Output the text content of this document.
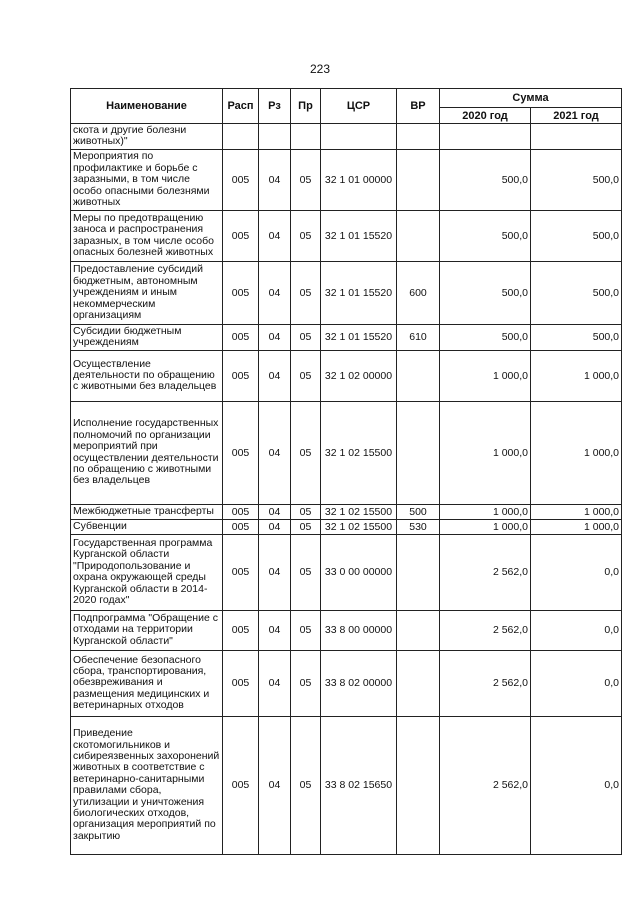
223
Наименование	Расп	Рз	Пр	ЦСР	ВР	Сумма	
						2020 год	2021 год
скота и другие болезни животных)"							
Мероприятия по профилактике и борьбе с заразными, в том числе особо опасными болезнями животных	005	04	05	32 1 01 00000		500,0	500,0
Меры по предотвращению заноса и распространения заразных, в том числе особо опасных болезней животных	005	04	05	32 1 01 15520		500,0	500,0
Предоставление субсидий бюджетным, автономным учреждениям и иным некоммерческим организациям	005	04	05	32 1 01 15520	600	500,0	500,0
Субсидии бюджетным учреждениям	005	04	05	32 1 01 15520	610	500,0	500,0
Осуществление деятельности по обращению с животными без владельцев	005	04	05	32 1 02 00000		1 000,0	1 000,0
Исполнение государственных полномочий по организации мероприятий при осуществлении деятельности по обращению с животными без владельцев	005	04	05	32 1 02 15500		1 000,0	1 000,0
Межбюджетные трансферты	005	04	05	32 1 02 15500	500	1 000,0	1 000,0
Субвенции	005	04	05	32 1 02 15500	530	1 000,0	1 000,0
Государственная программа Курганской области "Природопользование и охрана окружающей среды Курганской области в 2014-2020 годах"	005	04	05	33 0 00 00000		2 562,0	0,0
Подпрограмма "Обращение с отходами на территории Курганской области"	005	04	05	33 8 00 00000		2 562,0	0,0
Обеспечение безопасного сбора, транспортирования, обезвреживания и размещения медицинских и ветеринарных отходов	005	04	05	33 8 02 00000		2 562,0	0,0
Приведение скотомогильников и сибиреязвенных захоронений животных в соответствие с ветеринарно-санитарными правилами сбора, утилизации и уничтожения биологических отходов, организация мероприятий по закрытию	005	04	05	33 8 02 15650		2 562,0	0,0
